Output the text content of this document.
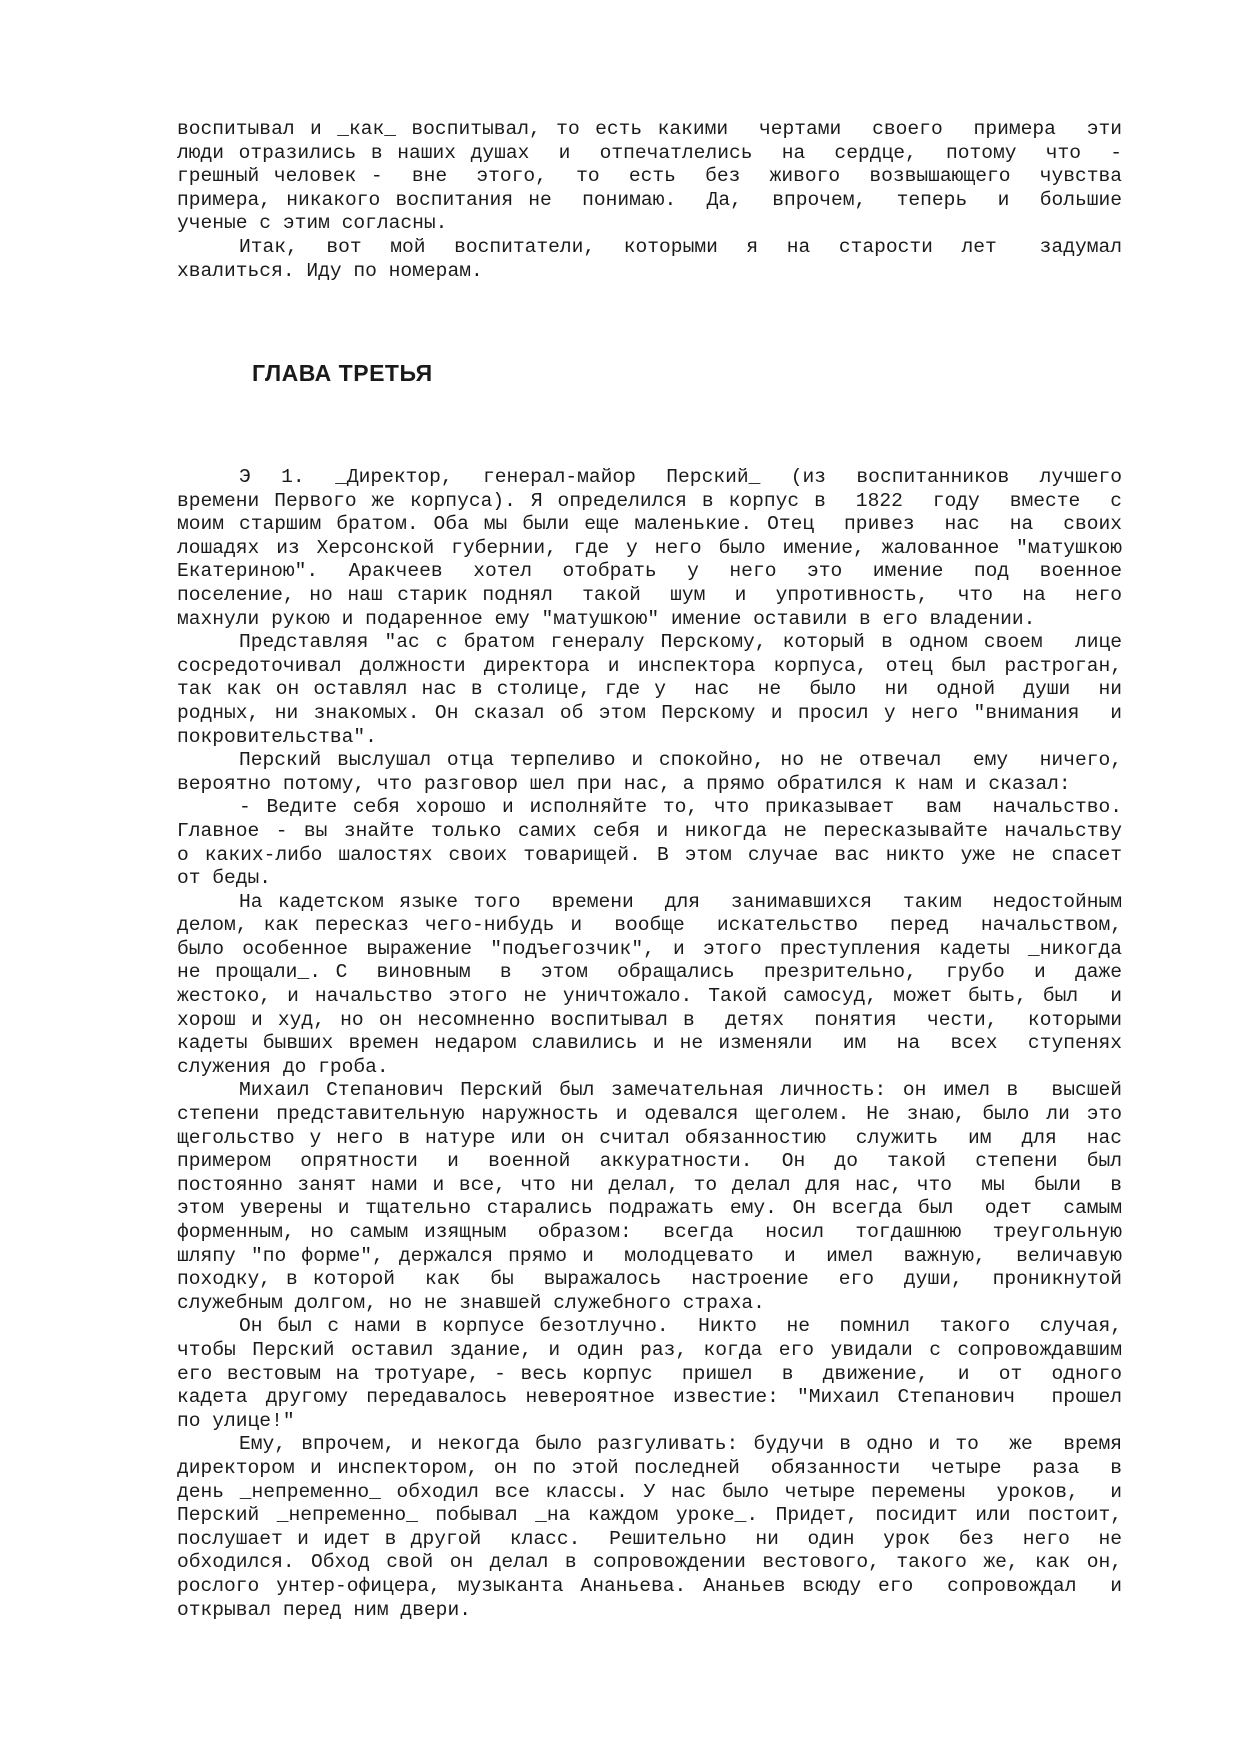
воспитывал и _как_ воспитывал, то есть какими  чертами  своего  примера  эти
люди отразились в наших душах  и  отпечатлелись  на  сердце,  потому  что  -
грешный человек -  вне  этого,  то  есть  без  живого  возвышающего  чувства
примера, никакого воспитания не  понимаю.  Да,  впрочем,  теперь  и  большие
ученые с этим согласны.
Итак,  вот  мой  воспитатели,  которыми  я  на  старости  лет   задумал
хвалиться. Иду по номерам.
ГЛАВА ТРЕТЬЯ
Э  1.  _Директор,  генерал-майор  Перский_  (из  воспитанников  лучшего
времени Первого же корпуса). Я определился в корпус в  1822  году  вместе  с
моим старшим братом. Оба мы были еще маленькие. Отец  привез  нас  на  своих
лошадях из Херсонской губернии, где у него было имение, жалованное "матушкою
Екатериною".  Аракчеев  хотел  отобрать  у  него  это  имение  под  военное
поселение, но наш старик поднял  такой  шум  и  упротивность,  что  на  него
махнули рукою и подаренное ему "матушкою" имение оставили в его владении.
Представляя "ас с братом генералу Перскому, который в одном своем  лице
сосредоточивал должности директора и инспектора корпуса, отец был растроган,
так как он оставлял нас в столице, где у  нас  не  было  ни  одной  души  ни
родных, ни знакомых. Он сказал об этом Перскому и просил у него "внимания  и
покровительства".
Перский выслушал отца терпеливо и спокойно, но не отвечал  ему  ничего,
вероятно потому, что разговор шел при нас, а прямо обратился к нам и сказал:
- Ведите себя хорошо и исполняйте то, что приказывает  вам  начальство.
Главное - вы знайте только самих себя и никогда не пересказывайте начальству
о каких-либо шалостях своих товарищей. В этом случае вас никто уже не спасет
от беды.
На кадетском языке того  времени  для  занимавшихся  таким  недостойным
делом, как пересказ чего-нибудь и  вообще  искательство  перед  начальством,
было особенное выражение "подъегозчик", и этого преступления кадеты _никогда
не прощали_. С  виновным  в  этом  обращались  презрительно,  грубо  и  даже
жестоко, и начальство этого не уничтожало. Такой самосуд, может быть, был  и
хорош и худ, но он несомненно воспитывал в  детях  понятия  чести,  которыми
кадеты бывших времен недаром славились и не изменяли  им  на  всех  ступенях
служения до гроба.
Михаил Степанович Перский был замечательная личность: он имел в  высшей
степени представительную наружность и одевался щеголем. Не знаю, было ли это
щегольство у него в натуре или он считал обязанностию  служить  им  для  нас
примером  опрятности  и  военной  аккуратности.  Он  до  такой  степени  был
постоянно занят нами и все, что ни делал, то делал для нас, что  мы  были  в
этом уверены и тщательно старались подражать ему. Он всегда был  одет  самым
форменным, но самым изящным  образом:  всегда  носил  тогдашнюю  треугольную
шляпу "по форме", держался прямо и  молодцевато  и  имел  важную,  величавую
походку, в которой  как  бы  выражалось  настроение  его  души,  проникнутой
служебным долгом, но не знавшей служебного страха.
Он был с нами в корпусе безотлучно.  Никто  не  помнил  такого  случая,
чтобы Перский оставил здание, и один раз, когда его увидали с сопровождавшим
его вестовым на тротуаре, - весь корпус  пришел  в  движение,  и  от  одного
кадета другому передавалось невероятное известие: "Михаил Степанович  прошел
по улице!"
Ему, впрочем, и некогда было разгуливать: будучи в одно и то  же  время
директором и инспектором, он по этой последней  обязанности  четыре  раза  в
день _непременно_ обходил все классы. У нас было четыре перемены  уроков,  и
Перский _непременно_ побывал _на каждом уроке_. Придет, посидит или постоит,
послушает и идет в другой  класс.  Решительно  ни  один  урок  без  него  не
обходился. Обход свой он делал в сопровождении вестового, такого же, как он,
рослого унтер-офицера, музыканта Ананьева. Ананьев всюду его  сопровождал  и
открывал перед ним двери.
